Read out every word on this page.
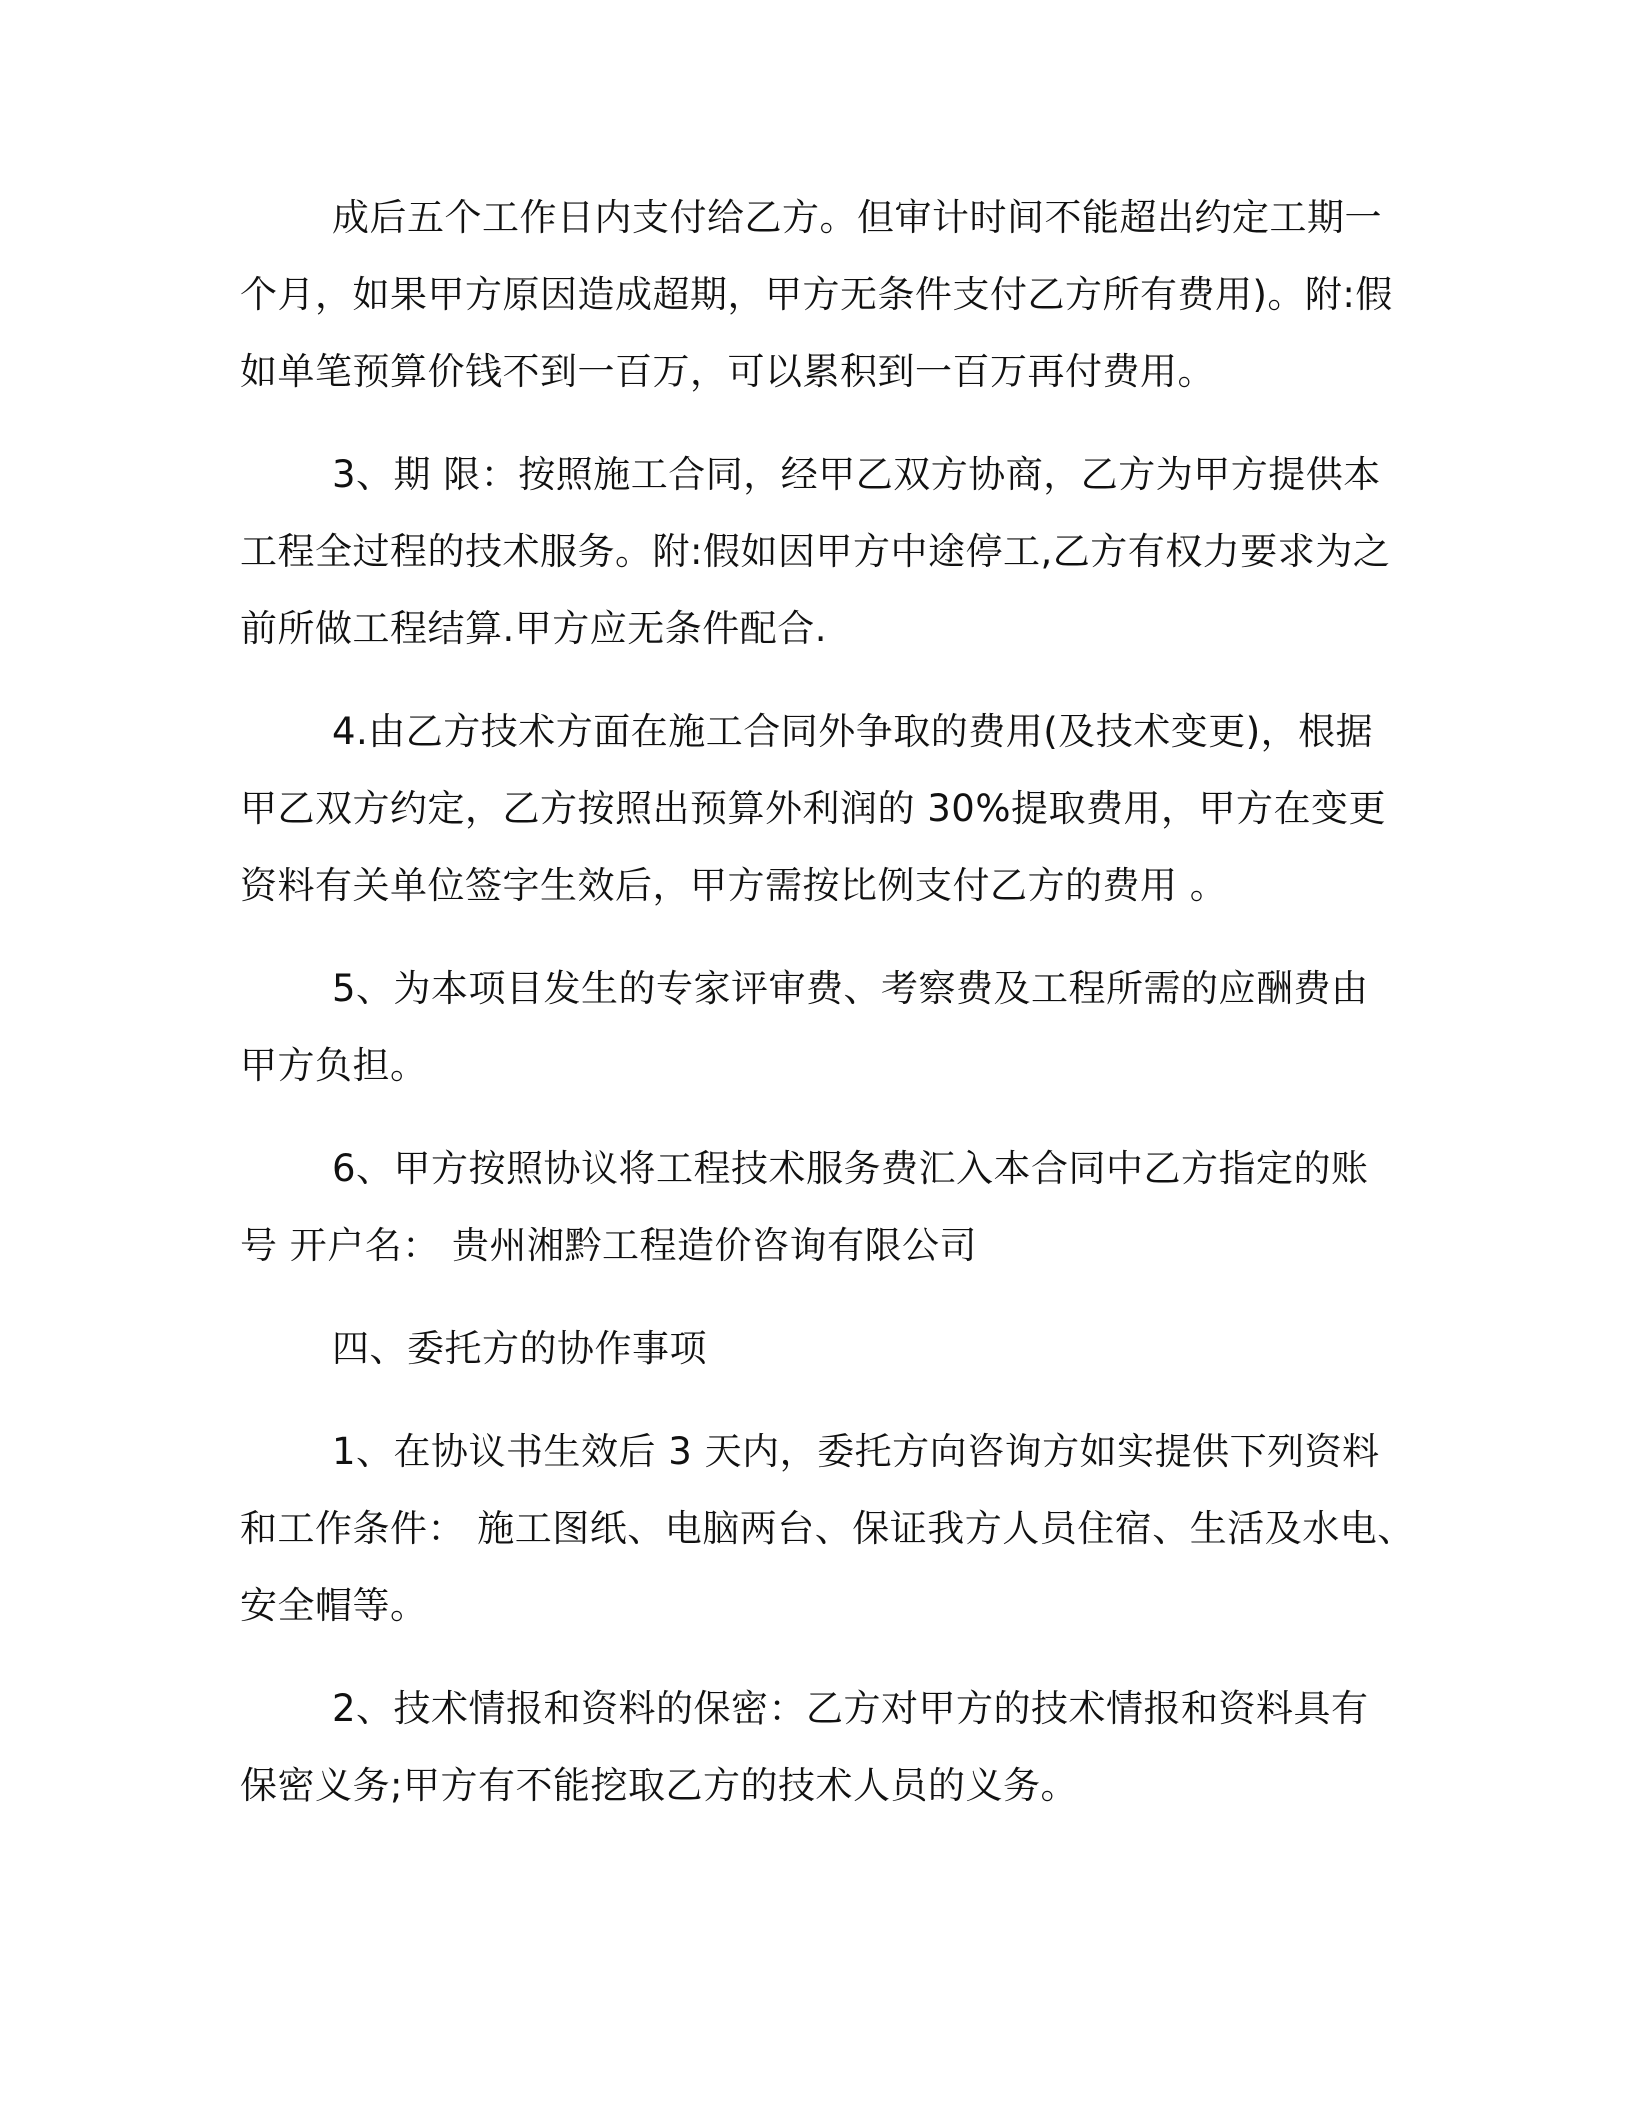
成后五个工作日内支付给乙方。但审计时间不能超出约定工期一
个月，如果甲方原因造成超期，甲方无条件支付乙方所有费用)。附:假
如单笔预算价钱不到一百万，可以累积到一百万再付费用。
3、期 限：按照施工合同，经甲乙双方协商，乙方为甲方提供本
工程全过程的技术服务。附:假如因甲方中途停工,乙方有权力要求为之
前所做工程结算.甲方应无条件配合.
4.由乙方技术方面在施工合同外争取的费用(及技术变更)，根据
甲乙双方约定，乙方按照出预算外利润的 30%提取费用，甲方在变更
资料有关单位签字生效后，甲方需按比例支付乙方的费用 。
5、为本项目发生的专家评审费、考察费及工程所需的应酬费由
甲方负担。
6、甲方按照协议将工程技术服务费汇入本合同中乙方指定的账
号 开户名： 贵州湘黔工程造价咨询有限公司
四、委托方的协作事项
1、在协议书生效后 3 天内，委托方向咨询方如实提供下列资料
和工作条件： 施工图纸、电脑两台、保证我方人员住宿、生活及水电、
安全帽等。
2、技术情报和资料的保密：乙方对甲方的技术情报和资料具有
保密义务;甲方有不能挖取乙方的技术人员的义务。
